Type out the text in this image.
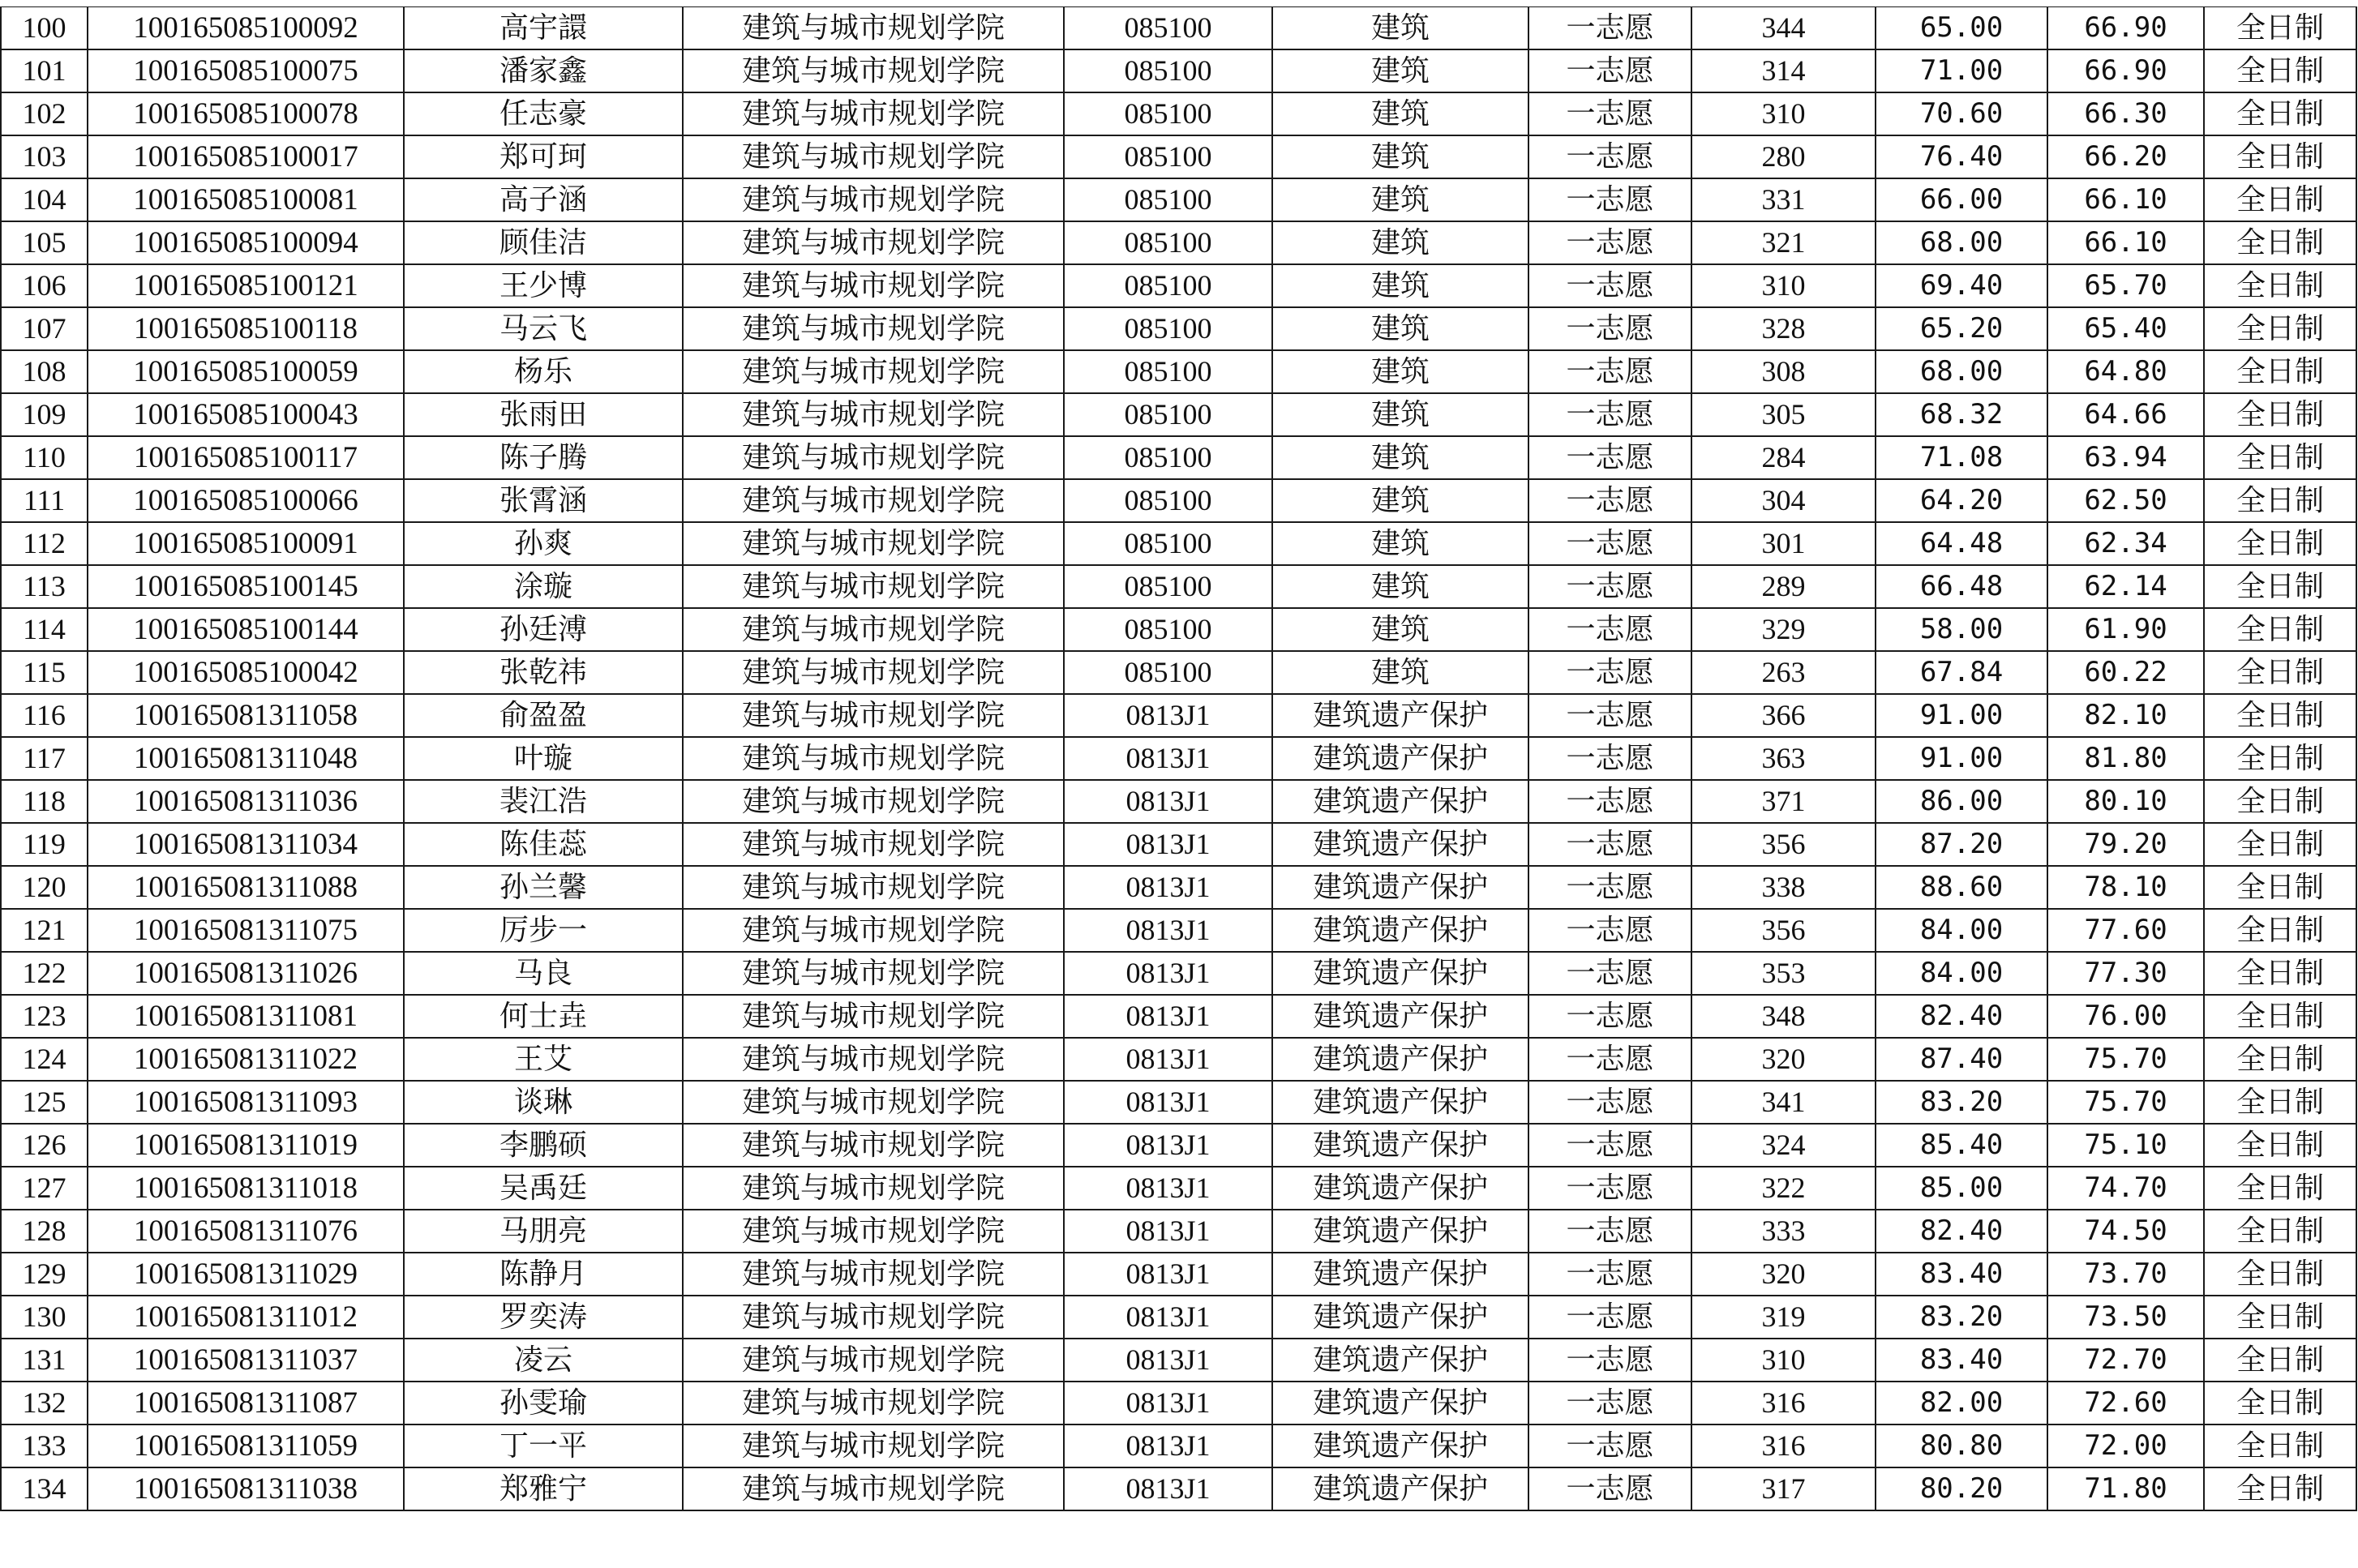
100	100165085100092	高宇譞	建筑与城市规划学院	085100	建筑	一志愿	344	65.00	66.90	全日制
101	100165085100075	潘家鑫	建筑与城市规划学院	085100	建筑	一志愿	314	71.00	66.90	全日制
102	100165085100078	任志豪	建筑与城市规划学院	085100	建筑	一志愿	310	70.60	66.30	全日制
103	100165085100017	郑可珂	建筑与城市规划学院	085100	建筑	一志愿	280	76.40	66.20	全日制
104	100165085100081	高子涵	建筑与城市规划学院	085100	建筑	一志愿	331	66.00	66.10	全日制
105	100165085100094	顾佳洁	建筑与城市规划学院	085100	建筑	一志愿	321	68.00	66.10	全日制
106	100165085100121	王少博	建筑与城市规划学院	085100	建筑	一志愿	310	69.40	65.70	全日制
107	100165085100118	马云飞	建筑与城市规划学院	085100	建筑	一志愿	328	65.20	65.40	全日制
108	100165085100059	杨乐	建筑与城市规划学院	085100	建筑	一志愿	308	68.00	64.80	全日制
109	100165085100043	张雨田	建筑与城市规划学院	085100	建筑	一志愿	305	68.32	64.66	全日制
110	100165085100117	陈子腾	建筑与城市规划学院	085100	建筑	一志愿	284	71.08	63.94	全日制
111	100165085100066	张霄涵	建筑与城市规划学院	085100	建筑	一志愿	304	64.20	62.50	全日制
112	100165085100091	孙爽	建筑与城市规划学院	085100	建筑	一志愿	301	64.48	62.34	全日制
113	100165085100145	涂璇	建筑与城市规划学院	085100	建筑	一志愿	289	66.48	62.14	全日制
114	100165085100144	孙廷溥	建筑与城市规划学院	085100	建筑	一志愿	329	58.00	61.90	全日制
115	100165085100042	张乾祎	建筑与城市规划学院	085100	建筑	一志愿	263	67.84	60.22	全日制
116	100165081311058	俞盈盈	建筑与城市规划学院	0813J1	建筑遗产保护	一志愿	366	91.00	82.10	全日制
117	100165081311048	叶璇	建筑与城市规划学院	0813J1	建筑遗产保护	一志愿	363	91.00	81.80	全日制
118	100165081311036	裴江浩	建筑与城市规划学院	0813J1	建筑遗产保护	一志愿	371	86.00	80.10	全日制
119	100165081311034	陈佳蕊	建筑与城市规划学院	0813J1	建筑遗产保护	一志愿	356	87.20	79.20	全日制
120	100165081311088	孙兰馨	建筑与城市规划学院	0813J1	建筑遗产保护	一志愿	338	88.60	78.10	全日制
121	100165081311075	厉步一	建筑与城市规划学院	0813J1	建筑遗产保护	一志愿	356	84.00	77.60	全日制
122	100165081311026	马良	建筑与城市规划学院	0813J1	建筑遗产保护	一志愿	353	84.00	77.30	全日制
123	100165081311081	何士垚	建筑与城市规划学院	0813J1	建筑遗产保护	一志愿	348	82.40	76.00	全日制
124	100165081311022	王艾	建筑与城市规划学院	0813J1	建筑遗产保护	一志愿	320	87.40	75.70	全日制
125	100165081311093	谈琳	建筑与城市规划学院	0813J1	建筑遗产保护	一志愿	341	83.20	75.70	全日制
126	100165081311019	李鹏硕	建筑与城市规划学院	0813J1	建筑遗产保护	一志愿	324	85.40	75.10	全日制
127	100165081311018	吴禹廷	建筑与城市规划学院	0813J1	建筑遗产保护	一志愿	322	85.00	74.70	全日制
128	100165081311076	马朋亮	建筑与城市规划学院	0813J1	建筑遗产保护	一志愿	333	82.40	74.50	全日制
129	100165081311029	陈静月	建筑与城市规划学院	0813J1	建筑遗产保护	一志愿	320	83.40	73.70	全日制
130	100165081311012	罗奕涛	建筑与城市规划学院	0813J1	建筑遗产保护	一志愿	319	83.20	73.50	全日制
131	100165081311037	凌云	建筑与城市规划学院	0813J1	建筑遗产保护	一志愿	310	83.40	72.70	全日制
132	100165081311087	孙雯瑜	建筑与城市规划学院	0813J1	建筑遗产保护	一志愿	316	82.00	72.60	全日制
133	100165081311059	丁一平	建筑与城市规划学院	0813J1	建筑遗产保护	一志愿	316	80.80	72.00	全日制
134	100165081311038	郑雅宁	建筑与城市规划学院	0813J1	建筑遗产保护	一志愿	317	80.20	71.80	全日制
